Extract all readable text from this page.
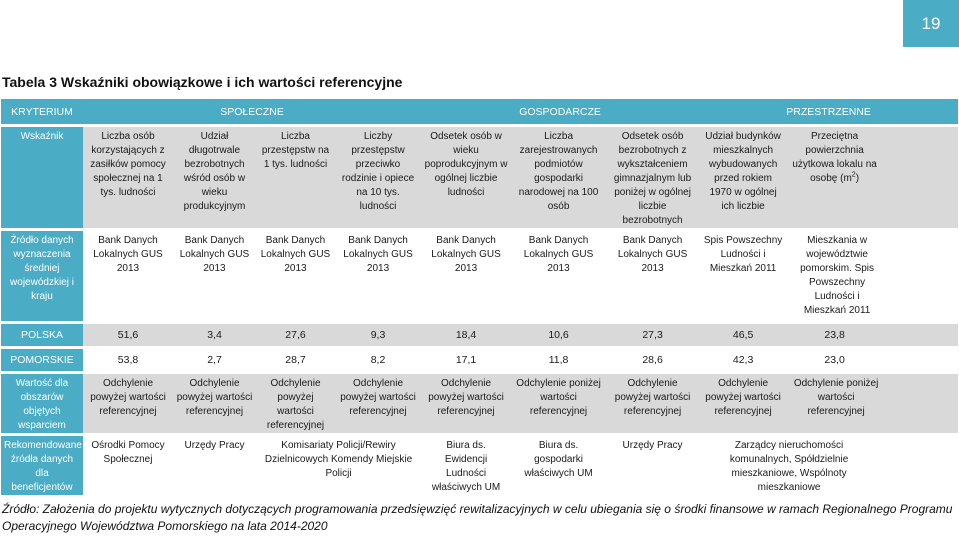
19
Tabela 3 Wskaźniki obowiązkowe i ich wartości referencyjne
KRYTERIUM	SPOŁECZNE				GOSPODARCZE			PRZESTRZENNE	

Wskaźnik	Liczba osób korzystających z zasiłków pomocy społecznej na 1 tys. ludności	Udział długotrwale bezrobotnych wśród osób w wieku produkcyjnym	Liczba przestępstw na 1 tys. ludności	Liczby przestępstw przeciwko rodzinie i opiece na 10 tys. ludności	Odsetek osób w wieku poprodukcyjnym w ogólnej liczbie ludności	Liczba zarejestrowanych podmiotów gospodarki narodowej na 100 osób	Odsetek osób bezrobotnych z wykształceniem gimnazjalnym lub poniżej w ogólnej liczbie bezrobotnych	Udział budynków mieszkalnych wybudowanych przed rokiem 1970 w ogólnej ich liczbie	Przeciętna powierzchnia użytkowa lokalu na osobę $(m^2)$

Źródło danych wyznaczenia średniej wojewódzkiej i kraju	Bank Danych Lokalnych GUS 2013	Bank Danych Lokalnych GUS 2013	Bank Danych Lokalnych GUS 2013	Bank Danych Lokalnych GUS 2013	Bank Danych Lokalnych GUS 2013	Bank Danych Lokalnych GUS 2013	Bank Danych Lokalnych GUS 2013	Spis Powszechny Ludności i Mieszkań 2011	Mieszkania w województwie pomorskim. Spis Powszechny Ludności i Mieszkań 2011

POLSKA	51,6	3,4	27,6	9,3	18,4	10,6	27,3	46,5	23,8

POMORSKIE	53,8	2,7	28,7	8,2	17,1	11,8	28,6	42,3	23,0

Wartość dla obszarów objętych wsparciem	Odchylenie powyżej wartości referencyjnej	Odchylenie powyżej wartości referencyjnej	Odchylenie powyżej wartości referencyjnej	Odchylenie powyżej wartości referencyjnej	Odchylenie powyżej wartości referencyjnej	Odchylenie poniżej wartości referencyjnej	Odchylenie powyżej wartości referencyjnej	Odchylenie powyżej wartości referencyjnej	Odchylenie poniżej wartości referencyjnej

Rekomendowane źródła danych dla beneficjentów	Ośrodki Pomocy Społecznej	Urzędy Pracy	Komisariaty Policji/Rewiry Dzielnicowych Komendy Miejskie Policji		Biura ds. Ewidencji Ludności właściwych UM	Biura ds. gospodarki właściwych UM	Urzędy Pracy	Zarządcy nieruchomości komunalnych, Spółdzielnie mieszkaniowe, Wspólnoty mieszkaniowe	
Źródło: Założenia do projektu wytycznych dotyczących programowania przedsięwzięć rewitalizacyjnych w celu ubiegania się o środki finansowe w ramach Regionalnego Programu Operacyjnego Województwa Pomorskiego na lata 2014-2020
